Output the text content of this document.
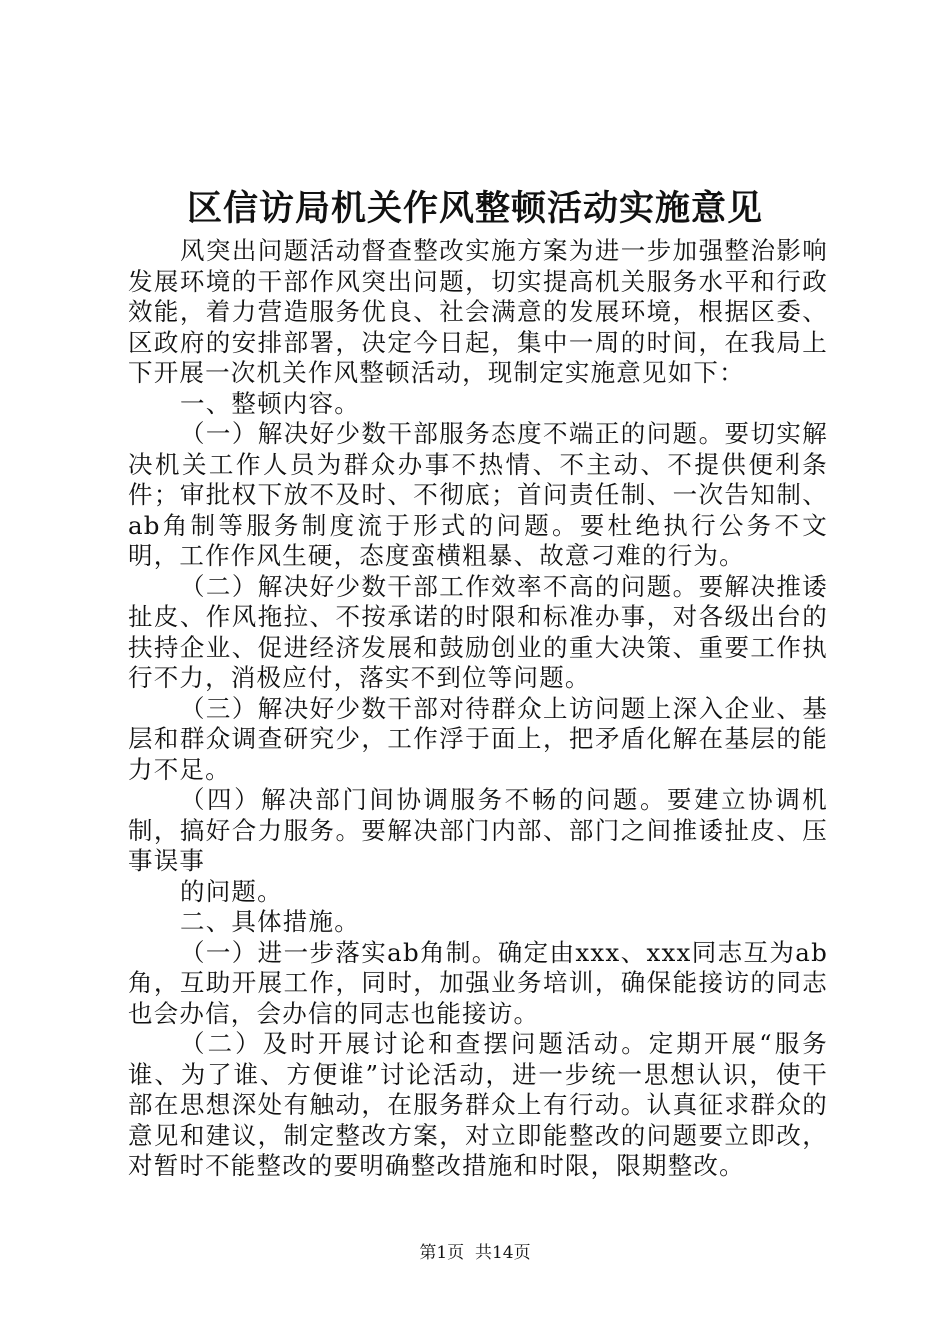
区信访局机关作风整顿活动实施意见

风突出问题活动督查整改实施方案为进一步加强整治影响发展环境的干部作风突出问题，切实提高机关服务水平和行政效能，着力营造服务优良、社会满意的发展环境，根据区委、区政府的安排部署，决定今日起，集中一周的时间，在我局上下开展一次机关作风整顿活动，现制定实施意见如下：

一、整顿内容。

（一）解决好少数干部服务态度不端正的问题。要切实解决机关工作人员为群众办事不热情、不主动、不提供便利条件；审批权下放不及时、不彻底；首问责任制、一次告知制、ab角制等服务制度流于形式的问题。要杜绝执行公务不文明，工作作风生硬，态度蛮横粗暴、故意刁难的行为。

（二）解决好少数干部工作效率不高的问题。要解决推诿扯皮、作风拖拉、不按承诺的时限和标准办事，对各级出台的扶持企业、促进经济发展和鼓励创业的重大决策、重要工作执行不力，消极应付，落实不到位等问题。

（三）解决好少数干部对待群众上访问题上深入企业、基层和群众调查研究少，工作浮于面上，把矛盾化解在基层的能力不足。

（四）解决部门间协调服务不畅的问题。要建立协调机制，搞好合力服务。要解决部门内部、部门之间推诿扯皮、压事误事

的问题。

二、具体措施。

（一）进一步落实ab角制。确定由xxx、xxx同志互为ab角，互助开展工作，同时，加强业务培训，确保能接访的同志也会办信，会办信的同志也能接访。

（二）及时开展讨论和查摆问题活动。定期开展“服务谁、为了谁、方便谁”讨论活动，进一步统一思想认识，使干部在思想深处有触动，在服务群众上有行动。认真征求群众的意见和建议，制定整改方案，对立即能整改的问题要立即改，对暂时不能整改的要明确整改措施和时限，限期整改。

第1页  共14页
